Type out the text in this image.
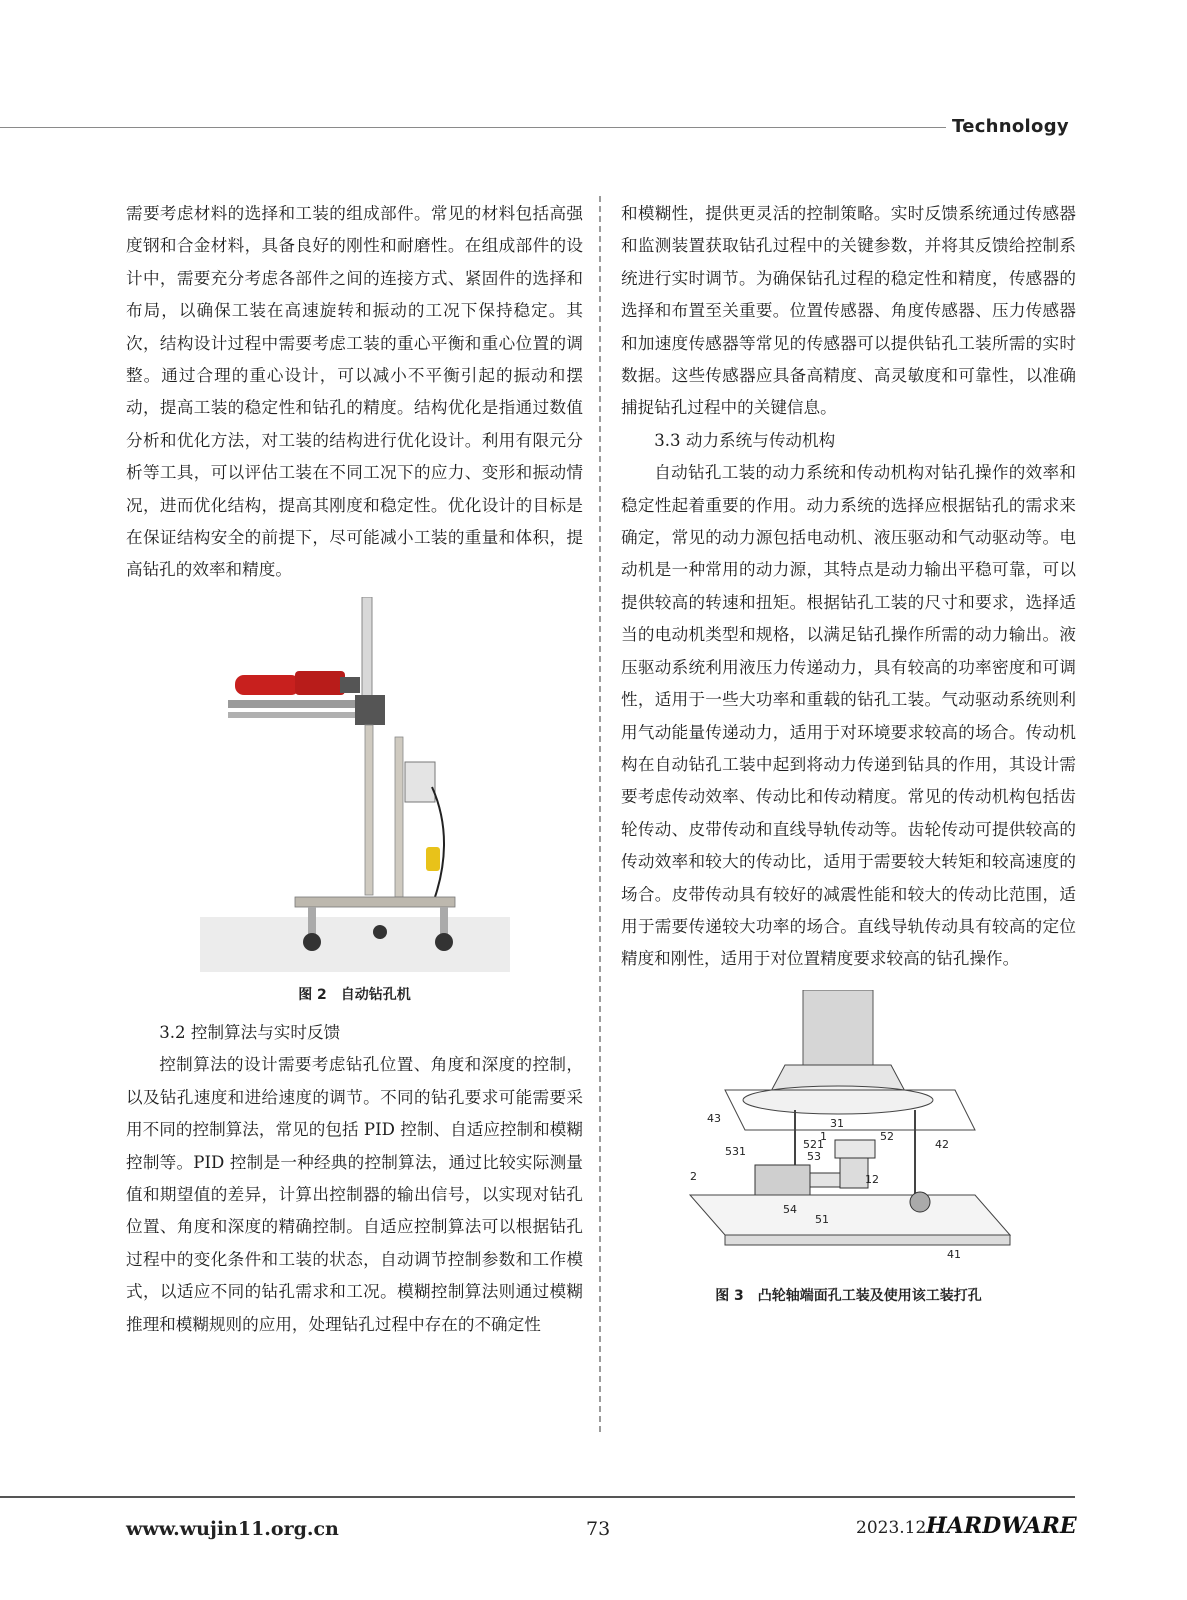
Technology

需要考虑材料的选择和工装的组成部件。常见的材料包括高强度钢和合金材料，具备良好的刚性和耐磨性。在组成部件的设计中，需要充分考虑各部件之间的连接方式、紧固件的选择和布局，以确保工装在高速旋转和振动的工况下保持稳定。其次，结构设计过程中需要考虑工装的重心平衡和重心位置的调整。通过合理的重心设计，可以减小不平衡引起的振动和摆动，提高工装的稳定性和钻孔的精度。结构优化是指通过数值分析和优化方法，对工装的结构进行优化设计。利用有限元分析等工具，可以评估工装在不同工况下的应力、变形和振动情况，进而优化结构，提高其刚度和稳定性。优化设计的目标是在保证结构安全的前提下，尽可能减小工装的重量和体积，提高钻孔的效率和精度。

图 2　自动钻孔机
3.2 控制算法与实时反馈

控制算法的设计需要考虑钻孔位置、角度和深度的控制，以及钻孔速度和进给速度的调节。不同的钻孔要求可能需要采用不同的控制算法，常见的包括 PID 控制、自适应控制和模糊控制等。PID 控制是一种经典的控制算法，通过比较实际测量值和期望值的差异，计算出控制器的输出信号，以实现对钻孔位置、角度和深度的精确控制。自适应控制算法可以根据钻孔过程中的变化条件和工装的状态，自动调节控制参数和工作模式，以适应不同的钻孔需求和工况。模糊控制算法则通过模糊推理和模糊规则的应用，处理钻孔过程中存在的不确定性

和模糊性，提供更灵活的控制策略。实时反馈系统通过传感器和监测装置获取钻孔过程中的关键参数，并将其反馈给控制系统进行实时调节。为确保钻孔过程的稳定性和精度，传感器的选择和布置至关重要。位置传感器、角度传感器、压力传感器和加速度传感器等常见的传感器可以提供钻孔工装所需的实时数据。这些传感器应具备高精度、高灵敏度和可靠性，以准确捕捉钻孔过程中的关键信息。

3.3 动力系统与传动机构

自动钻孔工装的动力系统和传动机构对钻孔操作的效率和稳定性起着重要的作用。动力系统的选择应根据钻孔的需求来确定，常见的动力源包括电动机、液压驱动和气动驱动等。电动机是一种常用的动力源，其特点是动力输出平稳可靠，可以提供较高的转速和扭矩。根据钻孔工装的尺寸和要求，选择适当的电动机类型和规格，以满足钻孔操作所需的动力输出。液压驱动系统利用液压力传递动力，具有较高的功率密度和可调性，适用于一些大功率和重载的钻孔工装。气动驱动系统则利用气动能量传递动力，适用于对环境要求较高的场合。传动机构在自动钻孔工装中起到将动力传递到钻具的作用，其设计需要考虑传动效率、传动比和传动精度。常见的传动机构包括齿轮传动、皮带传动和直线导轨传动等。齿轮传动可提供较高的传动效率和较大的传动比，适用于需要较大转矩和较高速度的场合。皮带传动具有较好的减震性能和较大的传动比范围，适用于需要传递较大功率的场合。直线导轨传动具有较高的定位精度和刚性，适用于对位置精度要求较高的钻孔操作。

43	31
1	52
521
53
42
531
2	12
54
51
41
图 3　凸轮轴端面孔工装及使用该工装打孔
www.wujin11.org.cn	73	2023.12 HARDWARE
